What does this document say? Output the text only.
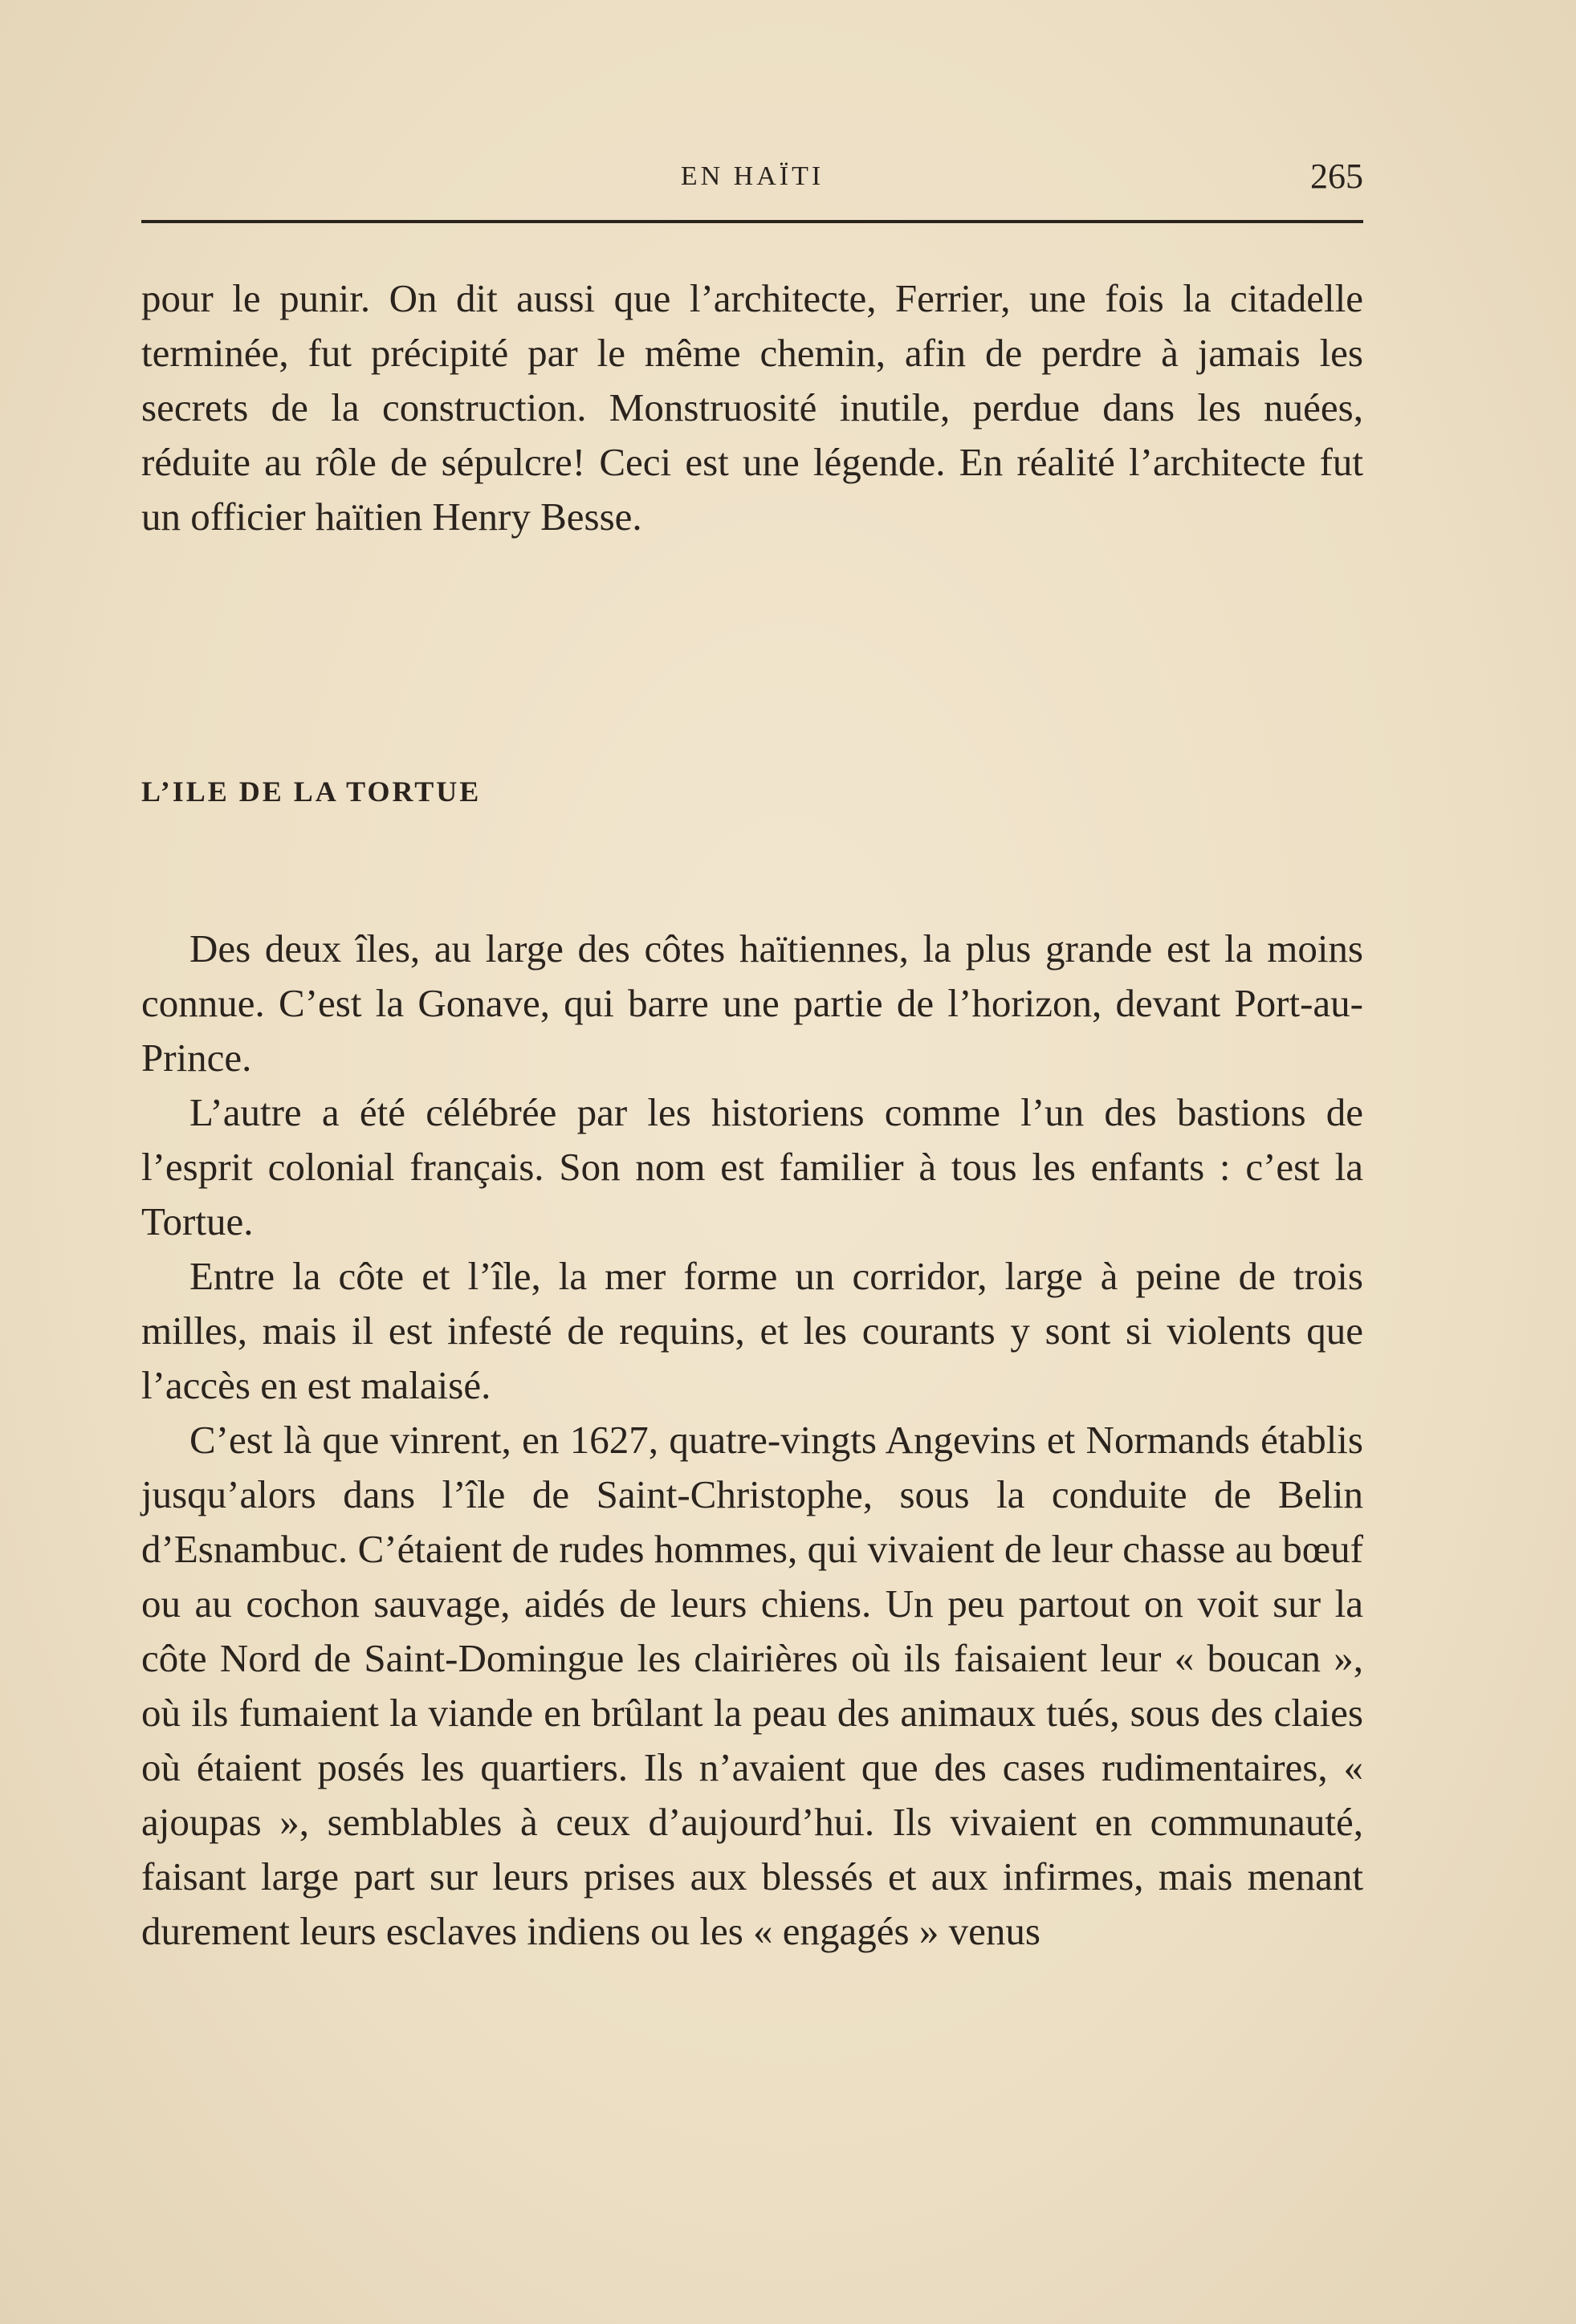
EN HAÏTI	265

pour le punir. On dit aussi que l’architecte, Ferrier, une fois la citadelle terminée, fut précipité par le même chemin, afin de perdre à jamais les secrets de la construction. Monstruosité inutile, perdue dans les nuées, réduite au rôle de sépulcre! Ceci est une légende. En réalité l’architecte fut un officier haïtien Henry Besse.

L’ILE DE LA TORTUE

Des deux îles, au large des côtes haïtiennes, la plus grande est la moins connue. C’est la Gonave, qui barre une partie de l’horizon, devant Port-au-Prince.

L’autre a été célébrée par les historiens comme l’un des bastions de l’esprit colonial français. Son nom est familier à tous les enfants : c’est la Tortue.

Entre la côte et l’île, la mer forme un corridor, large à peine de trois milles, mais il est infesté de requins, et les courants y sont si violents que l’accès en est malaisé.

C’est là que vinrent, en 1627, quatre-vingts Angevins et Normands établis jusqu’alors dans l’île de Saint-Christophe, sous la conduite de Belin d’Esnambuc. C’étaient de rudes hommes, qui vivaient de leur chasse au bœuf ou au cochon sauvage, aidés de leurs chiens. Un peu partout on voit sur la côte Nord de Saint-Domingue les clairières où ils faisaient leur « boucan », où ils fumaient la viande en brûlant la peau des animaux tués, sous des claies où étaient posés les quartiers. Ils n’avaient que des cases rudimentaires, « ajoupas », semblables à ceux d’aujourd’hui. Ils vivaient en communauté, faisant large part sur leurs prises aux blessés et aux infirmes, mais menant durement leurs esclaves indiens ou les « engagés » venus
